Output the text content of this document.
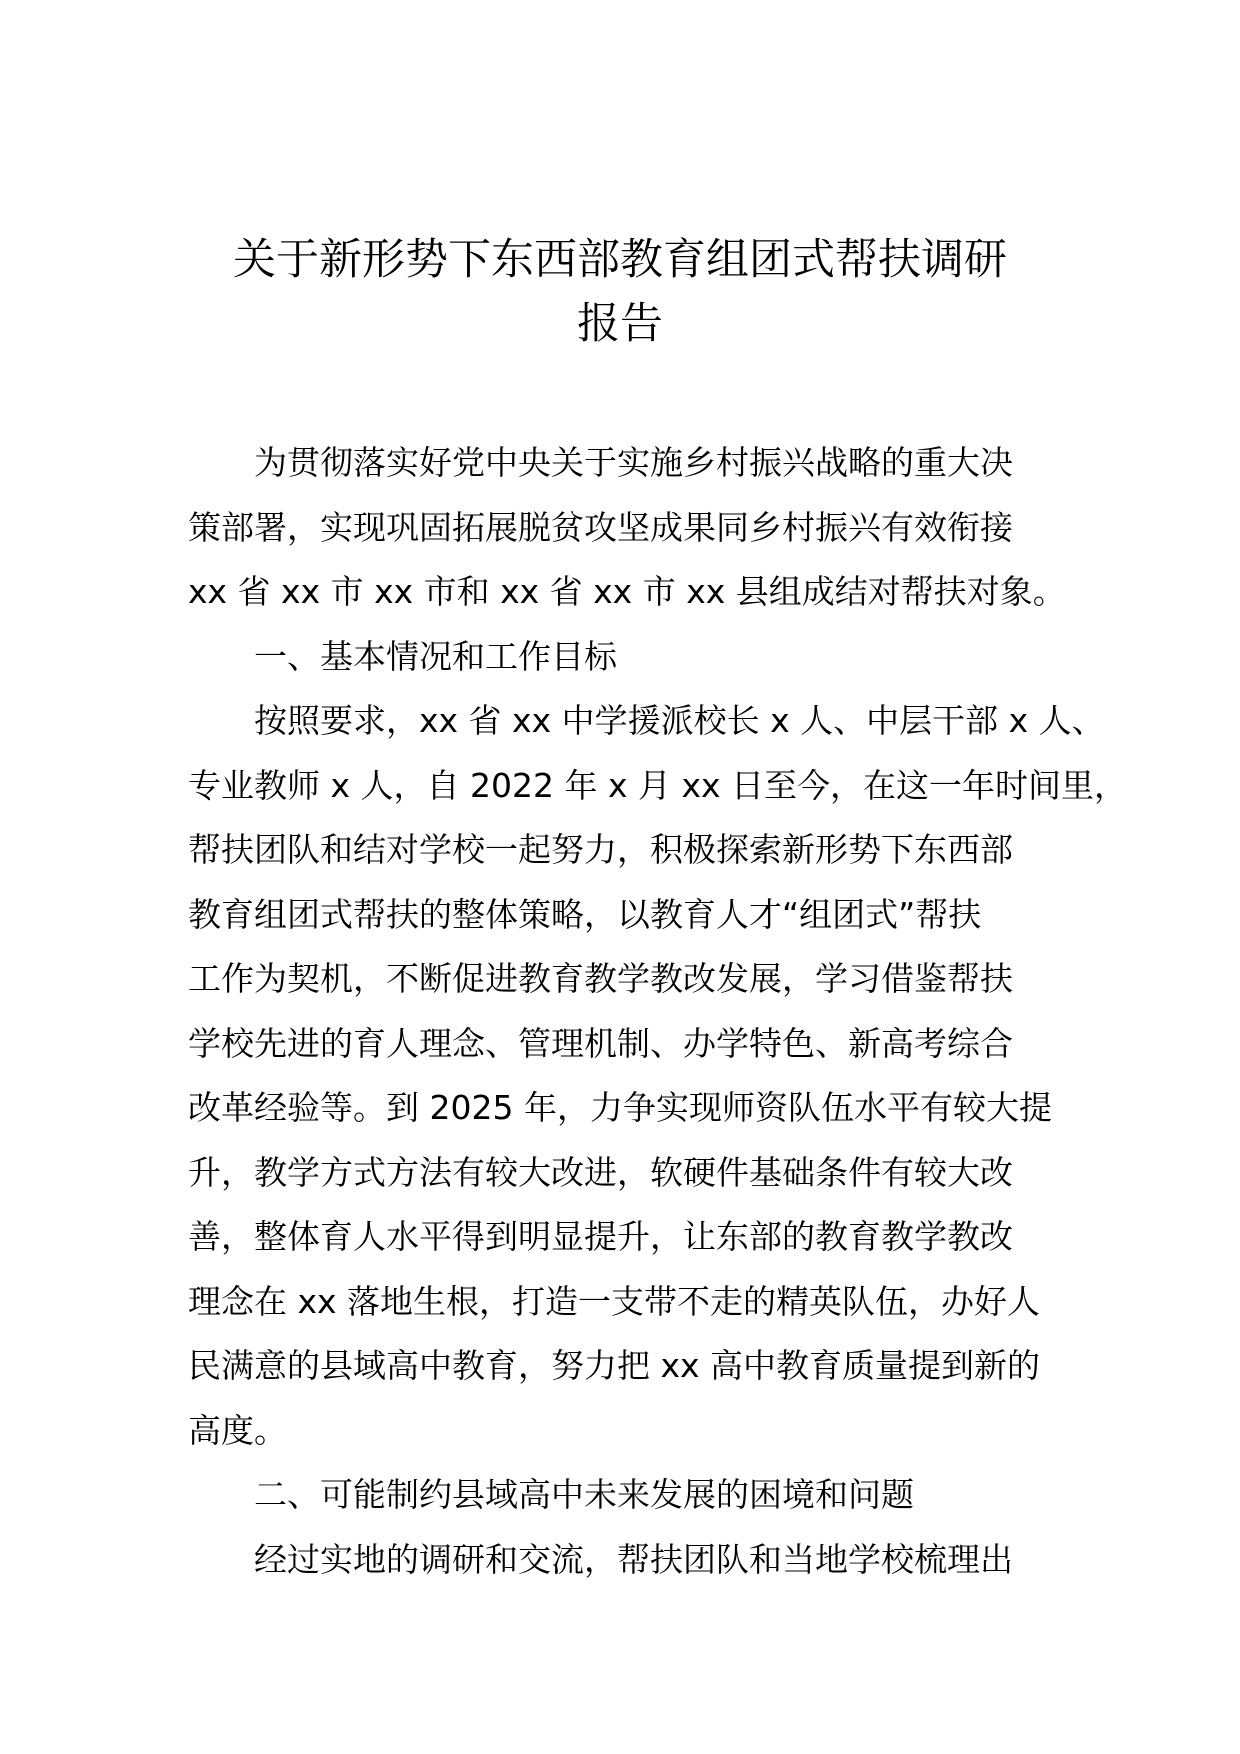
关于新形势下东西部教育组团式帮扶调研
报告
为贯彻落实好党中央关于实施乡村振兴战略的重大决
策部署，实现巩固拓展脱贫攻坚成果同乡村振兴有效衔接
xx 省 xx 市 xx 市和 xx 省 xx 市 xx 县组成结对帮扶对象。
一、基本情况和工作目标
按照要求，xx 省 xx 中学援派校长 x 人、中层干部 x 人、
专业教师 x 人，自 2022 年 x 月 xx 日至今，在这一年时间里，
帮扶团队和结对学校一起努力，积极探索新形势下东西部
教育组团式帮扶的整体策略，以教育人才“组团式”帮扶
工作为契机，不断促进教育教学教改发展，学习借鉴帮扶
学校先进的育人理念、管理机制、办学特色、新高考综合
改革经验等。到 2025 年，力争实现师资队伍水平有较大提
升，教学方式方法有较大改进，软硬件基础条件有较大改
善，整体育人水平得到明显提升，让东部的教育教学教改
理念在 xx 落地生根，打造一支带不走的精英队伍，办好人
民满意的县域高中教育，努力把 xx 高中教育质量提到新的
高度。
二、可能制约县域高中未来发展的困境和问题
经过实地的调研和交流，帮扶团队和当地学校梳理出
